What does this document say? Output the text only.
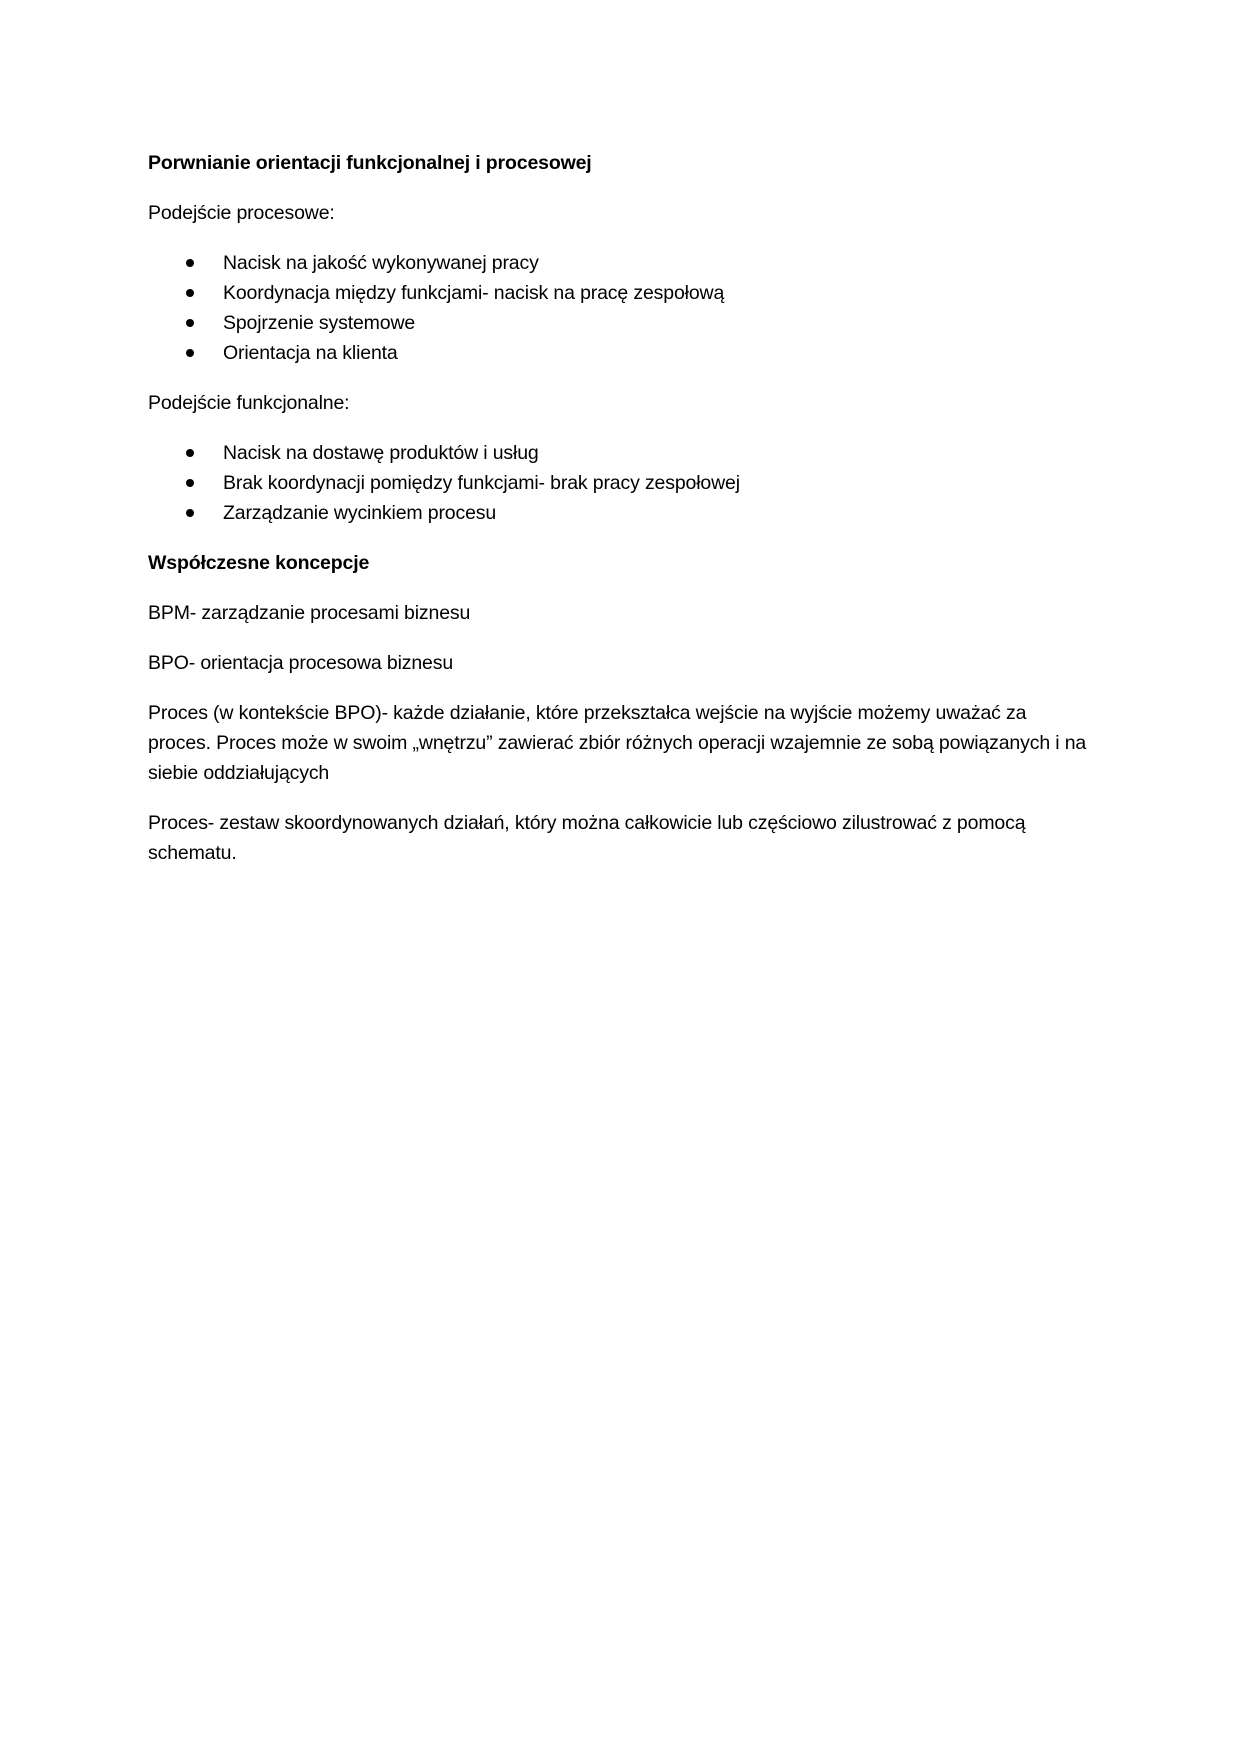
Porwnianie orientacji funkcjonalnej i procesowej
Podejście procesowe:
Nacisk na jakość wykonywanej pracy
Koordynacja między funkcjami- nacisk na pracę zespołową
Spojrzenie systemowe
Orientacja na klienta
Podejście funkcjonalne:
Nacisk na dostawę produktów i usług
Brak koordynacji pomiędzy funkcjami- brak pracy zespołowej
Zarządzanie wycinkiem procesu
Współczesne koncepcje
BPM- zarządzanie procesami biznesu
BPO- orientacja procesowa biznesu
Proces (w kontekście BPO)- każde działanie, które przekształca wejście na wyjście możemy uważać za proces. Proces może w swoim „wnętrzu” zawierać zbiór różnych operacji wzajemnie ze sobą powiązanych i na siebie oddziałujących
Proces- zestaw skoordynowanych działań, który można całkowicie lub częściowo zilustrować z pomocą schematu.
